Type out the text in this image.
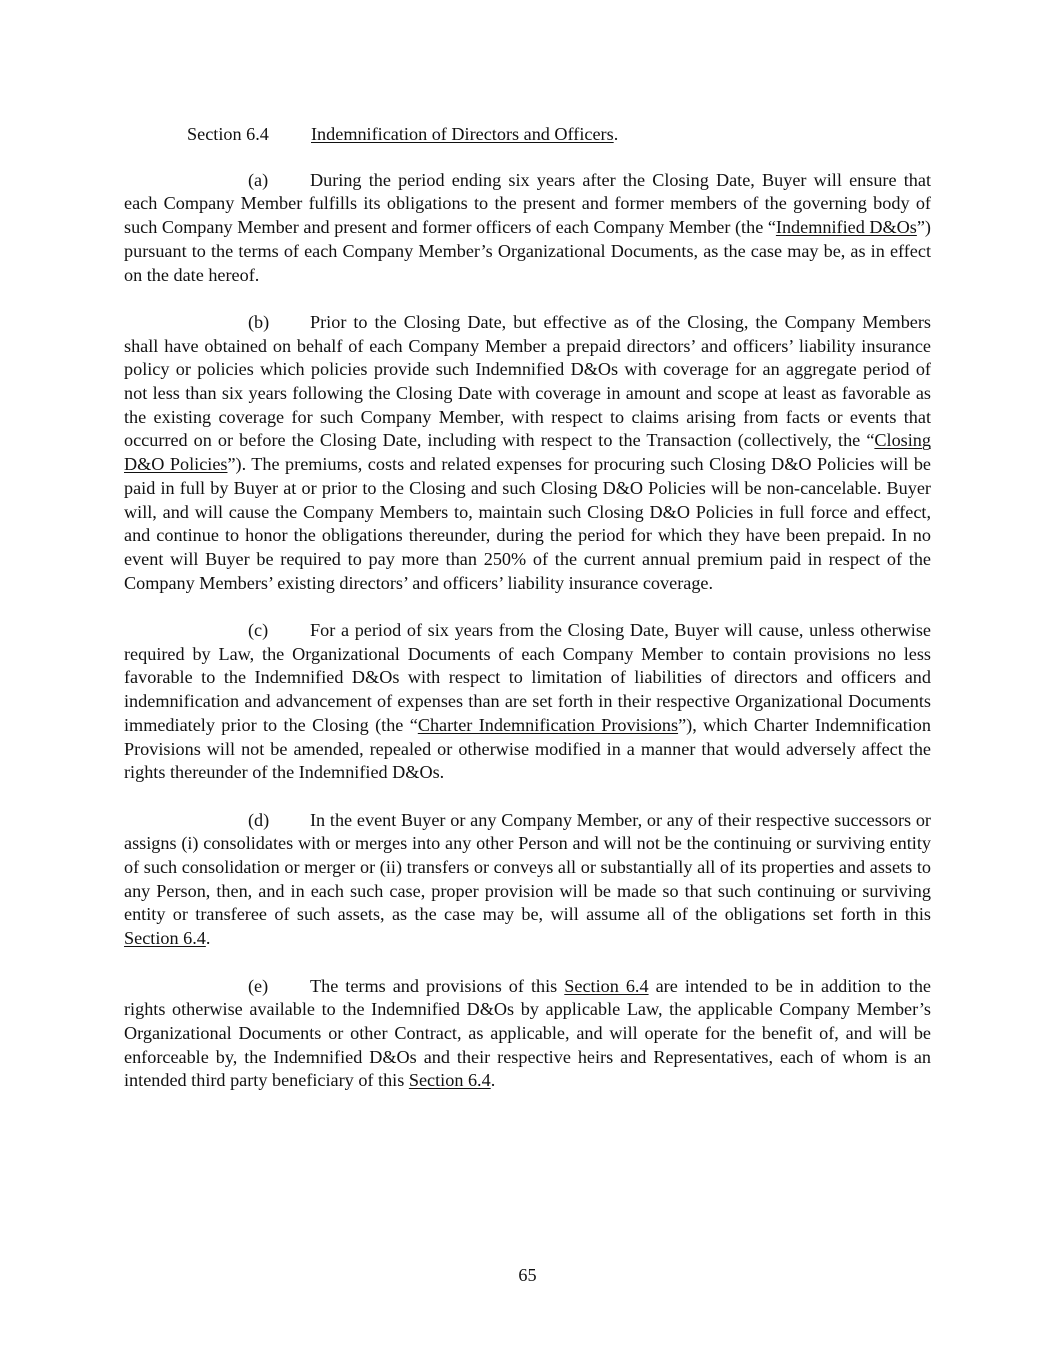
Section 6.4 Indemnification of Directors and Officers.

(a) During the period ending six years after the Closing Date, Buyer will ensure that each Company Member fulfills its obligations to the present and former members of the governing body of such Company Member and present and former officers of each Company Member (the “Indemnified D&Os”) pursuant to the terms of each Company Member’s Organizational Documents, as the case may be, as in effect on the date hereof.

(b) Prior to the Closing Date, but effective as of the Closing, the Company Members shall have obtained on behalf of each Company Member a prepaid directors’ and officers’ liability insurance policy or policies which policies provide such Indemnified D&Os with coverage for an aggregate period of not less than six years following the Closing Date with coverage in amount and scope at least as favorable as the existing coverage for such Company Member, with respect to claims arising from facts or events that occurred on or before the Closing Date, including with respect to the Transaction (collectively, the “Closing D&O Policies”). The premiums, costs and related expenses for procuring such Closing D&O Policies will be paid in full by Buyer at or prior to the Closing and such Closing D&O Policies will be non-cancelable. Buyer will, and will cause the Company Members to, maintain such Closing D&O Policies in full force and effect, and continue to honor the obligations thereunder, during the period for which they have been prepaid. In no event will Buyer be required to pay more than 250% of the current annual premium paid in respect of the Company Members’ existing directors’ and officers’ liability insurance coverage.

(c) For a period of six years from the Closing Date, Buyer will cause, unless otherwise required by Law, the Organizational Documents of each Company Member to contain provisions no less favorable to the Indemnified D&Os with respect to limitation of liabilities of directors and officers and indemnification and advancement of expenses than are set forth in their respective Organizational Documents immediately prior to the Closing (the “Charter Indemnification Provisions”), which Charter Indemnification Provisions will not be amended, repealed or otherwise modified in a manner that would adversely affect the rights thereunder of the Indemnified D&Os.

(d) In the event Buyer or any Company Member, or any of their respective successors or assigns (i) consolidates with or merges into any other Person and will not be the continuing or surviving entity of such consolidation or merger or (ii) transfers or conveys all or substantially all of its properties and assets to any Person, then, and in each such case, proper provision will be made so that such continuing or surviving entity or transferee of such assets, as the case may be, will assume all of the obligations set forth in this Section 6.4.

(e) The terms and provisions of this Section 6.4 are intended to be in addition to the rights otherwise available to the Indemnified D&Os by applicable Law, the applicable Company Member’s Organizational Documents or other Contract, as applicable, and will operate for the benefit of, and will be enforceable by, the Indemnified D&Os and their respective heirs and Representatives, each of whom is an intended third party beneficiary of this Section 6.4.

65
